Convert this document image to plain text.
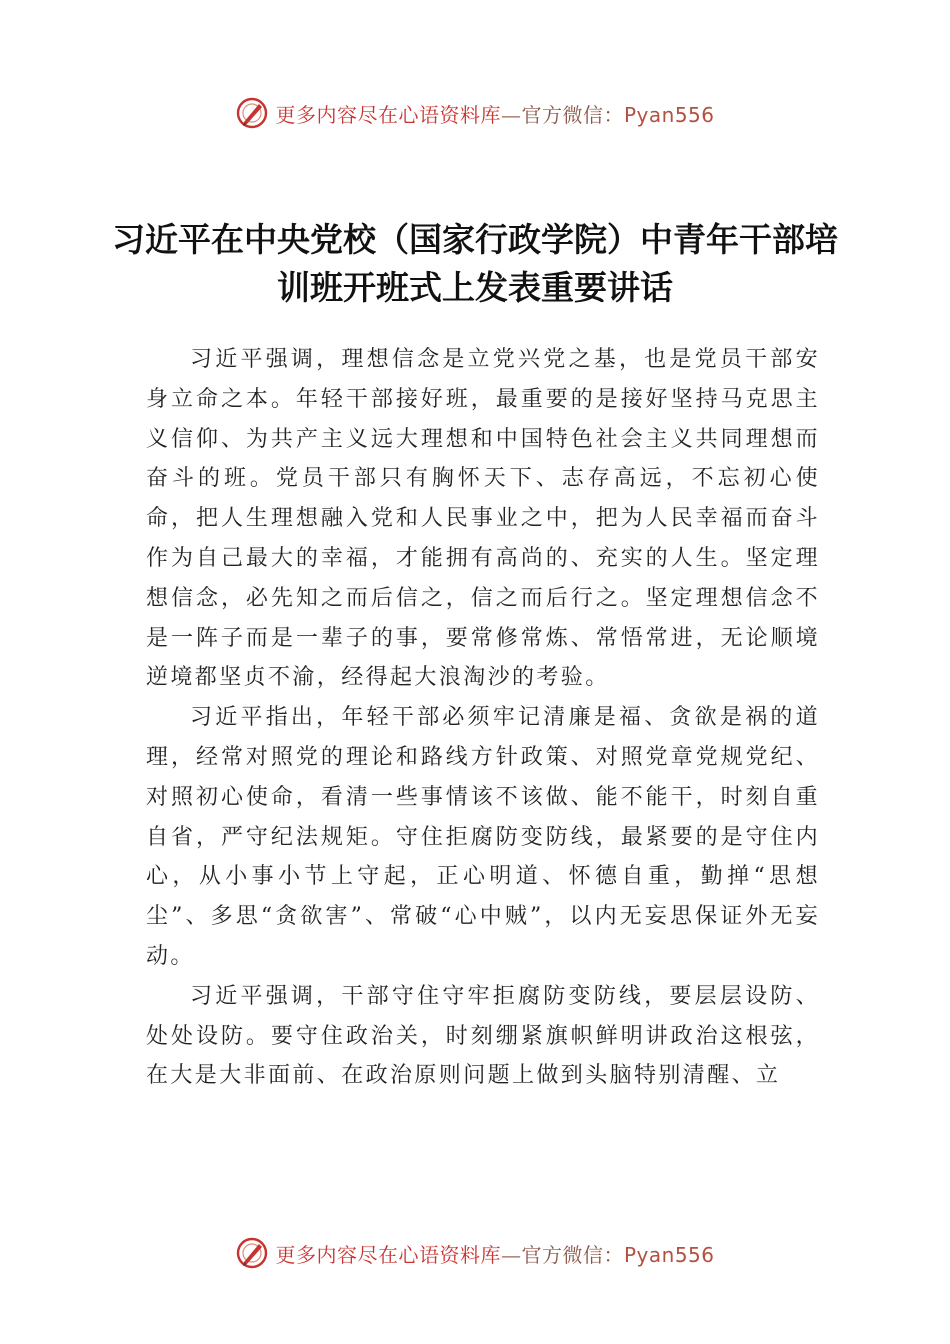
更多内容尽在心语资料库—官方微信：Pyan556
习近平在中央党校（国家行政学院）中青年干部培训班开班式上发表重要讲话

习近平强调，理想信念是立党兴党之基，也是党员干部安身立命之本。年轻干部接好班，最重要的是接好坚持马克思主义信仰、为共产主义远大理想和中国特色社会主义共同理想而奋斗的班。党员干部只有胸怀天下、志存高远，不忘初心使命，把人生理想融入党和人民事业之中，把为人民幸福而奋斗作为自己最大的幸福，才能拥有高尚的、充实的人生。坚定理想信念，必先知之而后信之，信之而后行之。坚定理想信念不是一阵子而是一辈子的事，要常修常炼、常悟常进，无论顺境逆境都坚贞不渝，经得起大浪淘沙的考验。

习近平指出，年轻干部必须牢记清廉是福、贪欲是祸的道理，经常对照党的理论和路线方针政策、对照党章党规党纪、对照初心使命，看清一些事情该不该做、能不能干，时刻自重自省，严守纪法规矩。守住拒腐防变防线，最紧要的是守住内心，从小事小节上守起，正心明道、怀德自重，勤掸“思想尘”、多思“贪欲害”、常破“心中贼”，以内无妄思保证外无妄动。

习近平强调，干部守住守牢拒腐防变防线，要层层设防、处处设防。要守住政治关，时刻绷紧旗帜鲜明讲政治这根弦，在大是大非面前、在政治原则问题上做到头脑特别清醒、立

更多内容尽在心语资料库—官方微信：Pyan556
